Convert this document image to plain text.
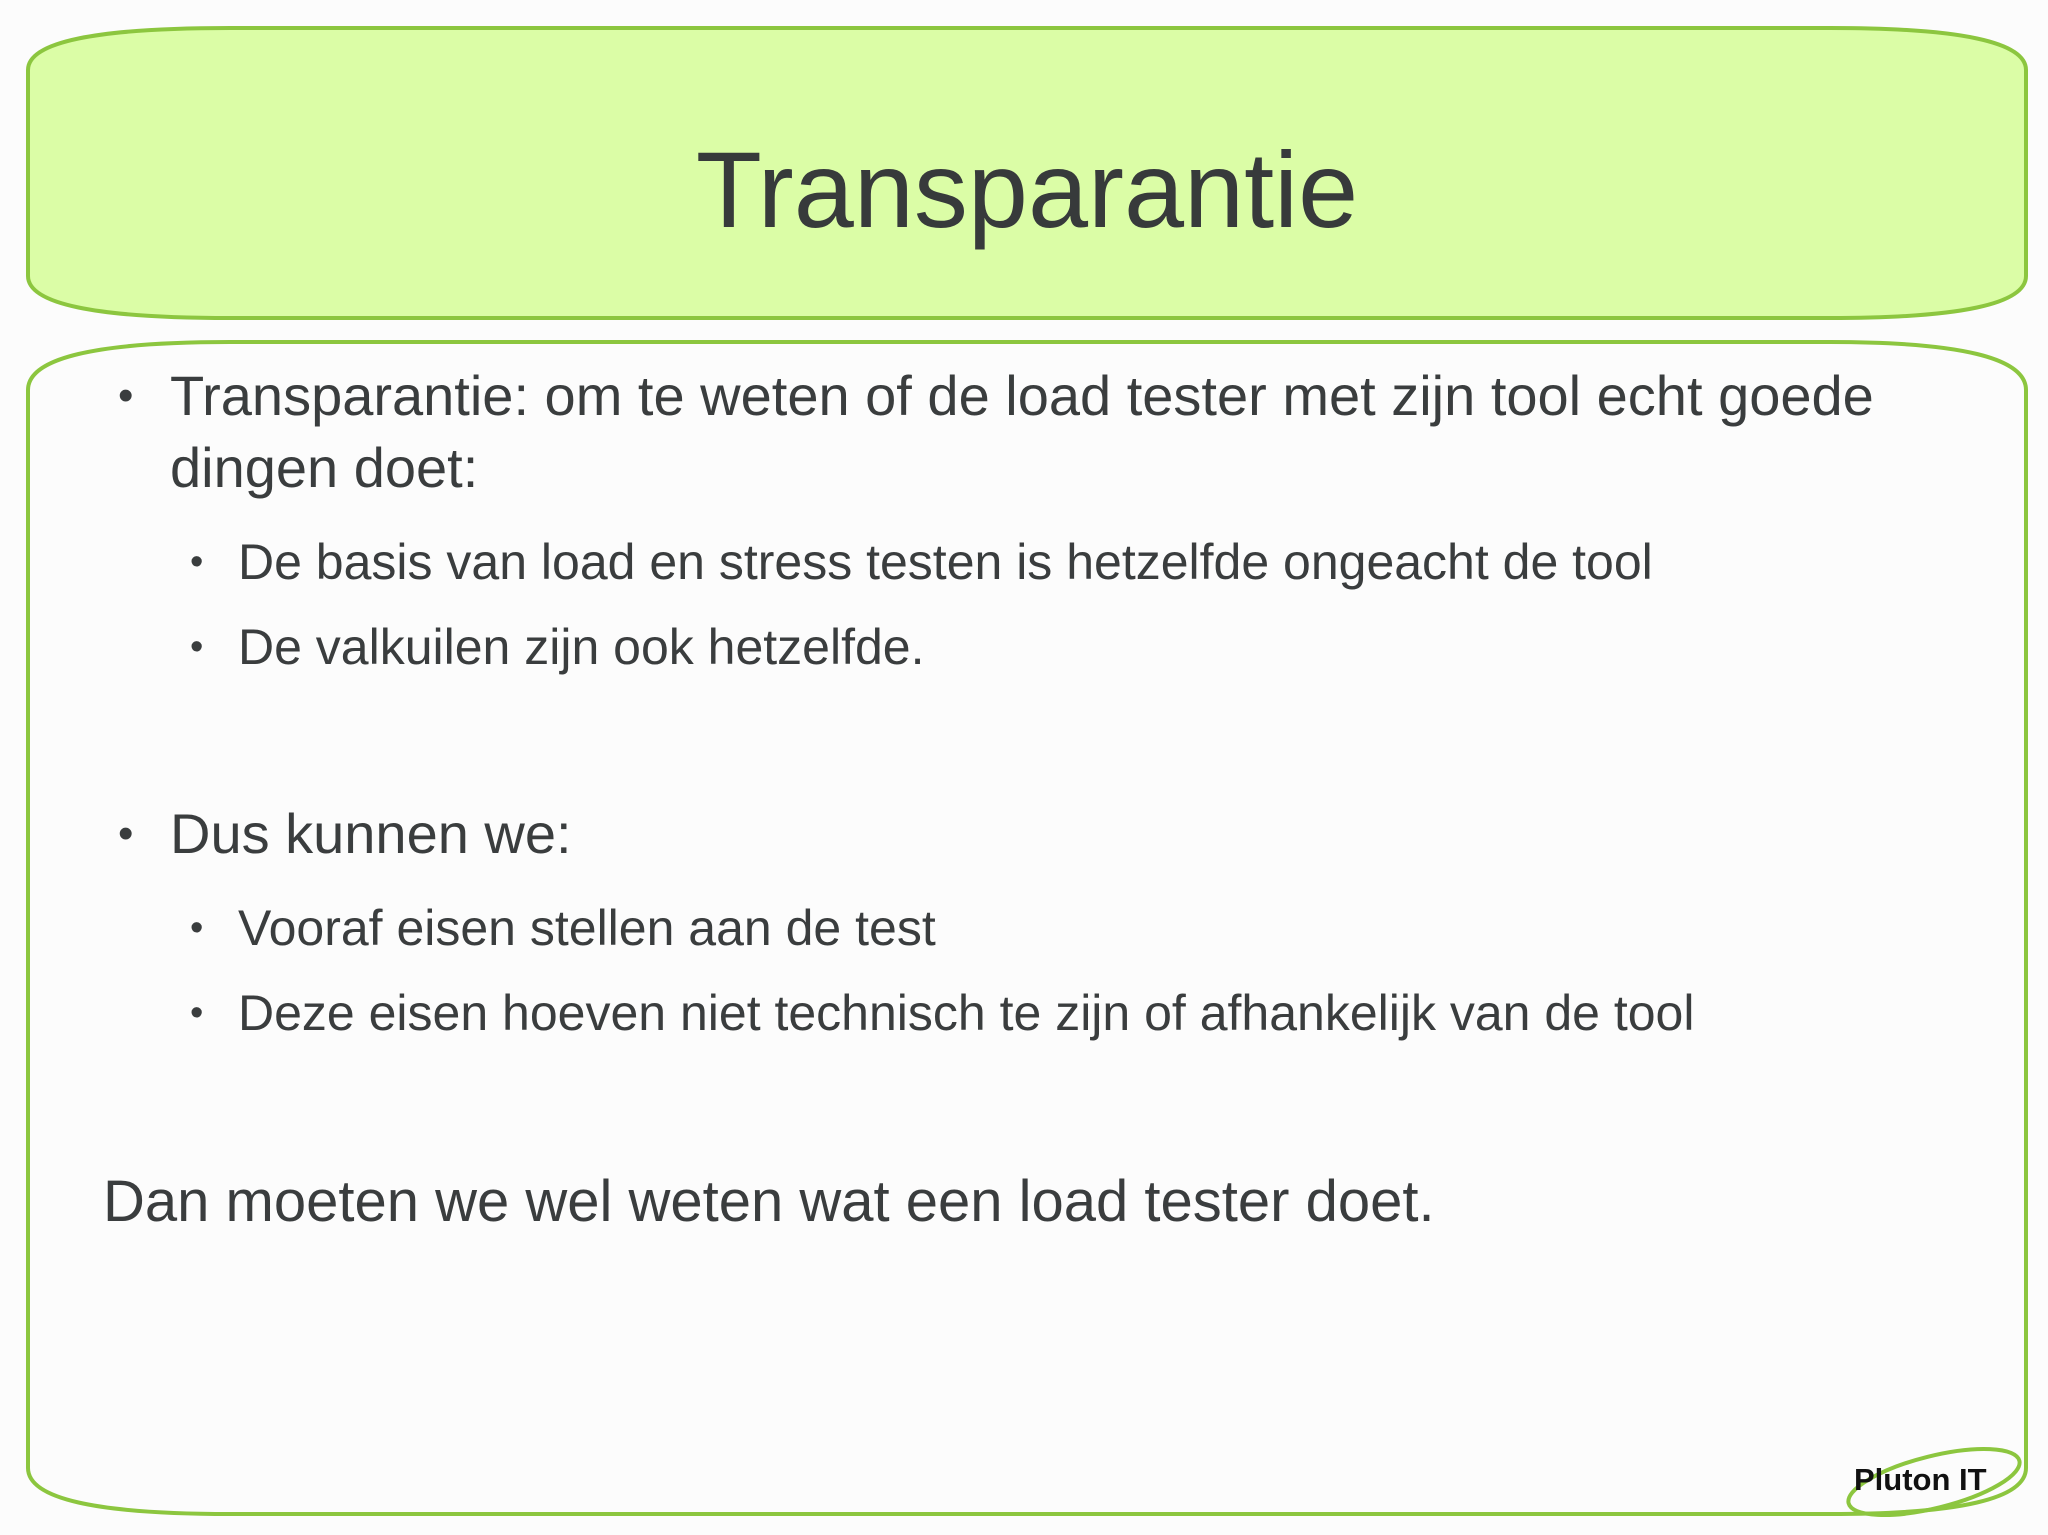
Transparantie
• Transparantie: om te weten of de load tester met zijn tool echt goede dingen doet:
• De basis van load en stress testen is hetzelfde ongeacht de tool
• De valkuilen zijn ook hetzelfde.
• Dus kunnen we:
• Vooraf eisen stellen aan de test
• Deze eisen hoeven niet technisch te zijn of afhankelijk van de tool
Dan moeten we wel weten wat een load tester doet.
Pluton IT
